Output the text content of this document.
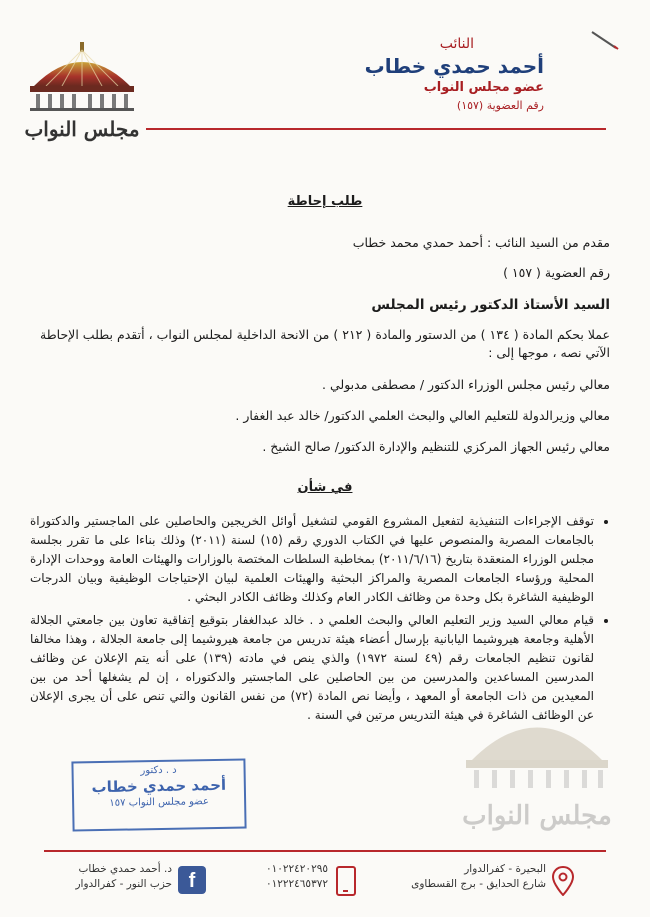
مجلس النواب
النائب
أحمد حمدي خطاب
عضو مجلس النواب
رقم العضوية (١٥٧)
طلب إحاطة
مقدم من السيد النائب : أحمد حمدي محمد خطاب
رقم العضوية ( ١٥٧ )
السيد الأستاذ الدكتور رئيس المجلس
عملا بحكم المادة ( ١٣٤ ) من الدستور والمادة ( ٢١٢ ) من الانحة الداخلية لمجلس النواب ، أتقدم بطلب الإحاطة الآتي نصه ، موجها إلى :
معالي رئيس مجلس الوزراء الدكتور / مصطفى مدبولي .
معالي وزيرالدولة للتعليم العالي والبحث العلمي الدكتور/ خالد عبد الغفار .
معالي رئيس الجهاز المركزي للتنظيم والإدارة الدكتور/ صالح الشيخ .
في شأن
• توقف الإجراءات التنفيذية لتفعيل المشروع القومي لتشغيل أوائل الخريجين والحاصلين على الماجستير والدكتوراة بالجامعات المصرية والمنصوص عليها في الكتاب الدوري رقم (١٥) لسنة (٢٠١١) وذلك بناءا على ما تقرر بجلسة مجلس الوزراء المنعقدة بتاريخ (٢٠١١/٦/١٦) بمخاطبة السلطات المختصة بالوزارات والهيئات العامة ووحدات الإدارة المحلية ورؤساء الجامعات المصرية والمراكز البحثية والهيئات العلمية لبيان الإحتياجات الوظيفية وبيان الدرجات الوظيفية الشاغرة بكل وحدة من وظائف الكادر العام وكذلك وظائف الكادر البحثي .
• قيام معالي السيد وزير التعليم العالي والبحث العلمي د . خالد عبدالغفار بتوقيع إتفاقية تعاون بين جامعتي الجلالة الأهلية وجامعة هيروشيما اليابانية بإرسال أعضاء هيئة تدريس من جامعة هيروشيما إلى جامعة الجلالة ، وهذا مخالفا لقانون تنظيم الجامعات رقم (٤٩ لسنة ١٩٧٢) والذي ينص في مادته (١٣٩) على أنه يتم الإعلان عن وظائف المدرسين المساعدين والمدرسين من بين الحاصلين على الماجستير والدكتوراه ، إن لم يشغلها أحد من بين المعيدين من ذات الجامعة أو المعهد ، وأيضا نص المادة (٧٢) من نفس القانون والتي تنص على أن يجرى الإعلان عن الوظائف الشاغرة في هيئة التدريس مرتين في السنة .
مجلس النواب
د . دكتور
أحمد حمدي خطاب
عضو مجلس النواب ١٥٧
د. أحمد حمدي خطاب
حزب النور - كفرالدوار f
٠١٠٢٢٤٢٠٢٩٥
٠١٢٢٢٤٦٥٣٧٢
البحيرة - كفرالدوار
شارع الحدايق - برج القسطاوى
